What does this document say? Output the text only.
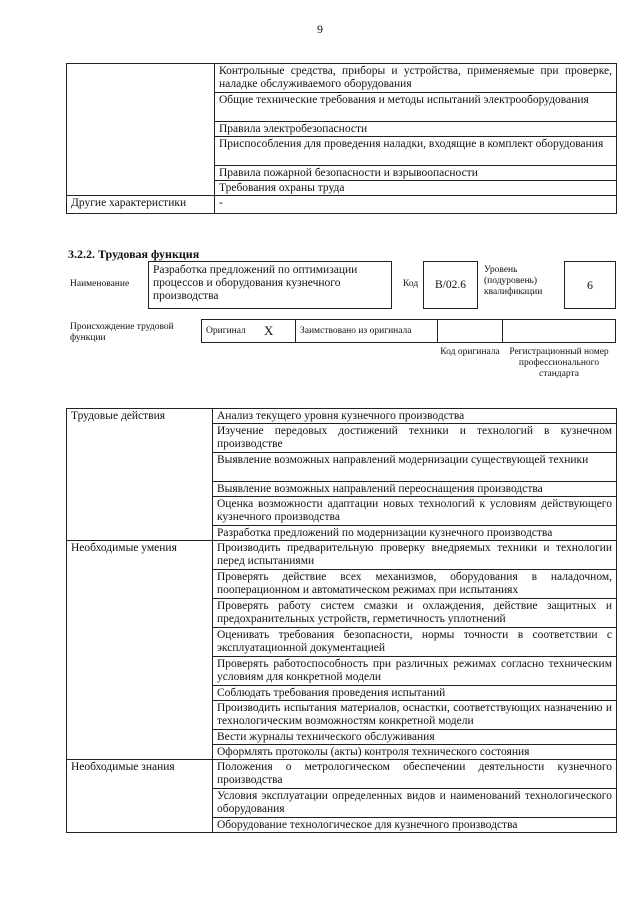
9
	Контрольные средства, приборы и устройства, применяемые при проверке, наладке обслуживаемого оборудования
	Общие технические требования и методы испытаний электрооборудования
	Правила электробезопасности
	Приспособления для проведения наладки, входящие в комплект оборудования
	Правила пожарной безопасности и взрывоопасности
	Требования охраны труда
Другие характеристики	-
3.2.2. Трудовая функция
Наименование
Разработка предложений по оптимизации процессов и оборудования кузнечного производства
Код	B/02.6
Уровень (подуровень) квалификации	6
Происхождение трудовой функции
Оригинал X	Заимствовано из оригинала
Код оригинала	Регистрационный номер профессионального стандарта
Трудовые действия	Анализ текущего уровня кузнечного производства
	Изучение передовых достижений техники и технологий в кузнечном производстве
	Выявление возможных направлений модернизации существующей техники
	Выявление возможных направлений переоснащения производства
	Оценка возможности адаптации новых технологий к условиям действующего кузнечного производства
	Разработка предложений по модернизации кузнечного производства
Необходимые умения	Производить предварительную проверку внедряемых техники и технологии перед испытаниями
	Проверять действие всех механизмов, оборудования в наладочном, пооперационном и автоматическом режимах при испытаниях
	Проверять работу систем смазки и охлаждения, действие защитных и предохранительных устройств, герметичность уплотнений
	Оценивать требования безопасности, нормы точности в соответствии с эксплуатационной документацией
	Проверять работоспособность при различных режимах согласно техническим условиям для конкретной модели
	Соблюдать требования проведения испытаний
	Производить испытания материалов, оснастки, соответствующих назначению и технологическим возможностям конкретной модели
	Вести журналы технического обслуживания
	Оформлять протоколы (акты) контроля технического состояния
Необходимые знания	Положения о метрологическом обеспечении деятельности кузнечного производства
	Условия эксплуатации определенных видов и наименований технологического оборудования
	Оборудование технологическое для кузнечного производства
